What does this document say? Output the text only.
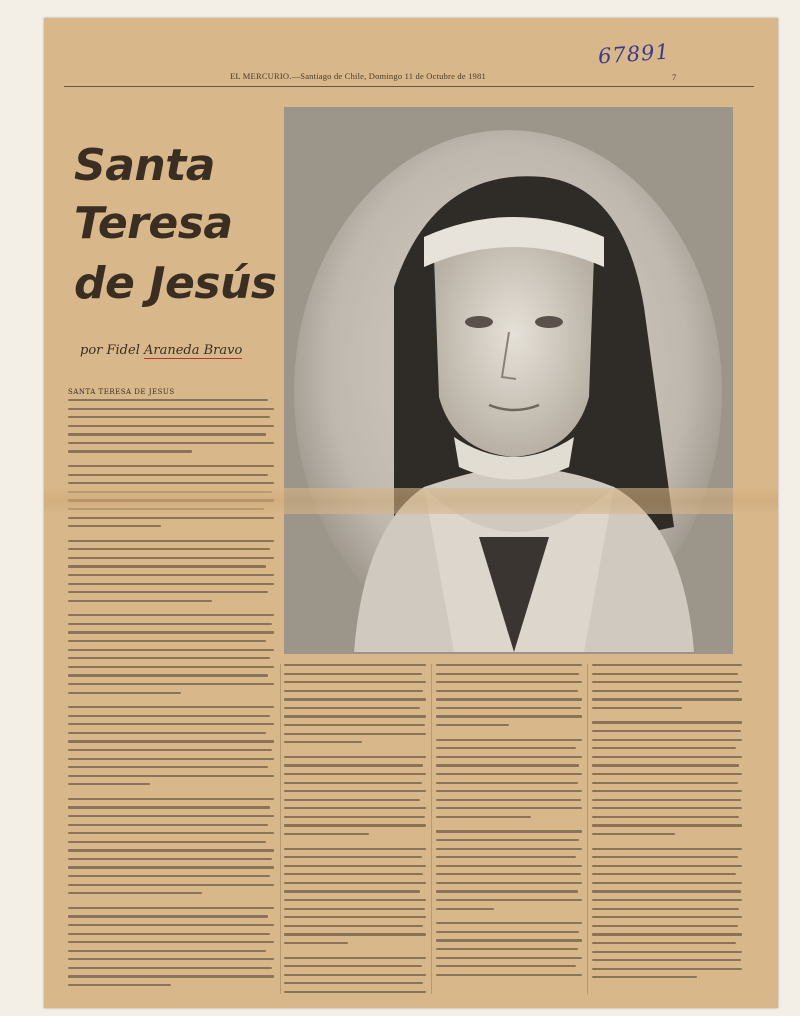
67891
EL MERCURIO.—Santiago de Chile, Domingo 11 de Octubre de 1981	7
Santa
Teresa
de Jesús
por Fidel Araneda Bravo
SANTA TERESA DE JESUS
